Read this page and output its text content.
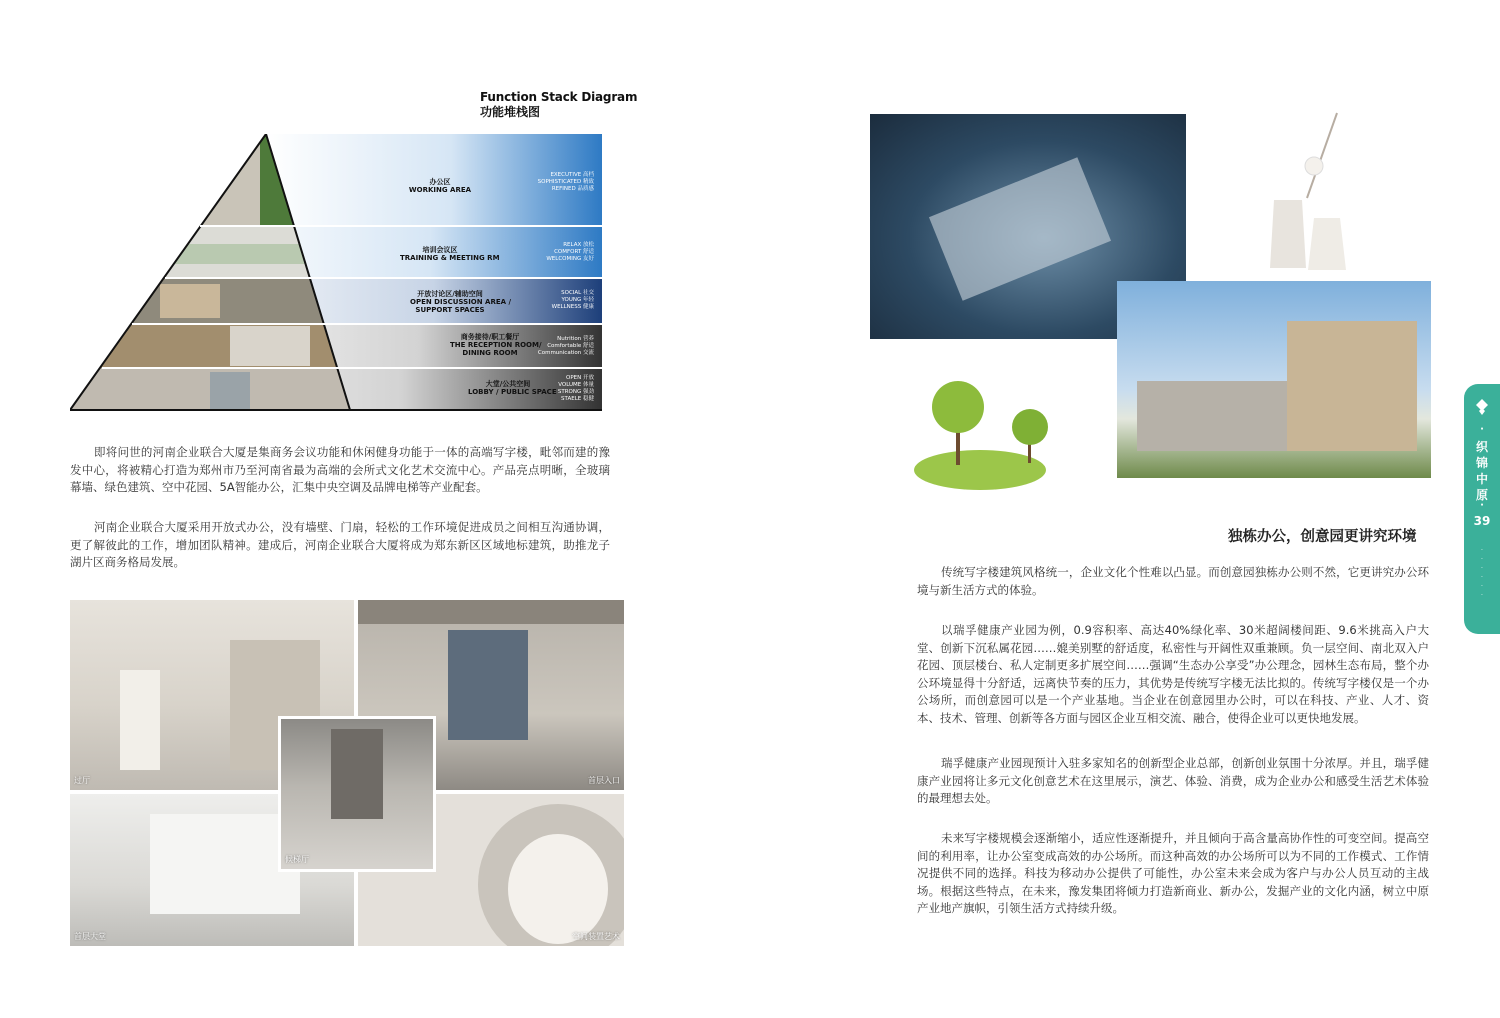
Function Stack Diagram
功能堆栈图
办公区
WORKING AREA
EXECUTIVE 高档
SOPHISTICATED 精致
REFINED 品质感
培训会议区
TRAINING & MEETING RM
RELAX 放松
COMFORT 舒适
WELCOMING 友好
开放讨论区/辅助空间
OPEN DISCUSSION AREA /
SUPPORT SPACES
SOCIAL 社交
YOUNG 年轻
WELLNESS 健康
商务接待/职工餐厅
THE RECEPTION ROOM/
DINING ROOM
Nutrition 营养
Comfortable 舒适
Communication 交流
大堂/公共空间
LOBBY / PUBLIC SPACE
OPEN 开放
VOLUME 体量
STRONG 强劲
STAELE 稳健
即将问世的河南企业联合大厦是集商务会议功能和休闲健身功能于一体的高端写字楼，毗邻而建的豫发中心，将被精心打造为郑州市乃至河南省最为高端的会所式文化艺术交流中心。产品亮点明晰，全玻璃幕墙、绿色建筑、空中花园、5A智能办公，汇集中央空调及品牌电梯等产业配套。
河南企业联合大厦采用开放式办公，没有墙壁、门扇，轻松的工作环境促进成员之间相互沟通协调，更了解彼此的工作，增加团队精神。建成后，河南企业联合大厦将成为郑东新区区域地标建筑，助推龙子湖片区商务格局发展。
过厅	首层入口
首层大堂	空间装置艺术
候梯厅
独栋办公，创意园更讲究环境
传统写字楼建筑风格统一，企业文化个性难以凸显。而创意园独栋办公则不然，它更讲究办公环境与新生活方式的体验。
以瑞孚健康产业园为例，0.9容积率、高达40%绿化率、30米超阔楼间距、9.6米挑高入户大堂、创新下沉私属花园……媲美别墅的舒适度，私密性与开阔性双重兼顾。负一层空间、南北双入户花园、顶层楼台、私人定制更多扩展空间……强调“生态办公享受”办公理念，园林生态布局，整个办公环境显得十分舒适，远离快节奏的压力，其优势是传统写字楼无法比拟的。传统写字楼仅是一个办公场所，而创意园可以是一个产业基地。当企业在创意园里办公时，可以在科技、产业、人才、资本、技术、管理、创新等各方面与园区企业互相交流、融合，使得企业可以更快地发展。
瑞孚健康产业园现预计入驻多家知名的创新型企业总部，创新创业氛围十分浓厚。并且，瑞孚健康产业园将让多元文化创意艺术在这里展示，演艺、体验、消费，成为企业办公和感受生活艺术体验的最理想去处。
未来写字楼规模会逐渐缩小，适应性逐渐提升，并且倾向于高含量高协作性的可变空间。提高空间的利用率，让办公室变成高效的办公场所。而这种高效的办公场所可以为不同的工作模式、工作情况提供不同的选择。科技为移动办公提供了可能性，办公室未来会成为客户与办公人员互动的主战场。根据这些特点，在未来，豫发集团将倾力打造新商业、新办公，发掘产业的文化内涵，树立中原产业地产旗帜，引领生活方式持续升级。
·
织
锦
中
原
·
39
·
·
·
·
·
·
